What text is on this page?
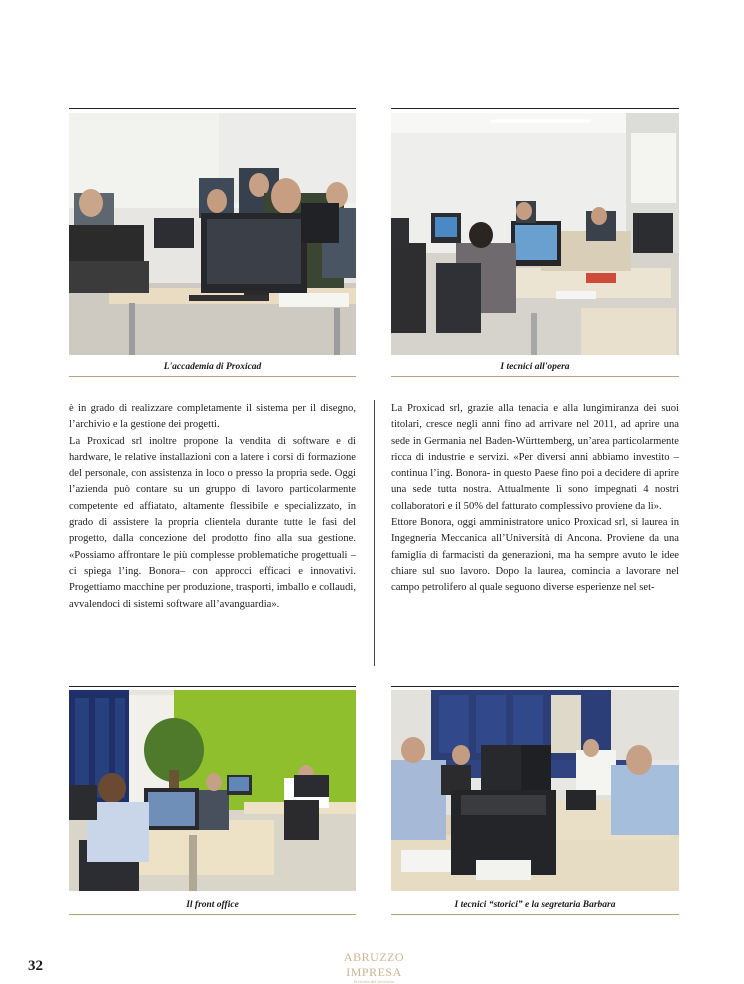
L'accademia di Proxicad	I tecnici all'opera

è in grado di realizzare completamente il sistema per il disegno, l’archivio e la gestione dei progetti.

La Proxicad srl inoltre propone la vendita di software e di hardware, le relative installazioni con a latere i corsi di formazione del personale, con assistenza in loco o presso la propria sede. Oggi l’azienda può contare su un gruppo di lavoro particolarmente competente ed affiatato, altamente flessibile e specializzato, in grado di assistere la propria clientela durante tutte le fasi del progetto, dalla concezione del prodotto fino alla sua gestione. «Possiamo affrontare le più complesse problematiche progettuali –ci spiega l’ing. Bonora– con approcci efficaci e innovativi. Progettiamo macchine per produzione, trasporti, imballo e collaudi, avvalendoci di sistemi software all’avanguardia».

La Proxicad srl, grazie alla tenacia e alla lungimiranza dei suoi titolari, cresce negli anni fino ad arrivare nel 2011, ad aprire una sede in Germania nel Baden-Württemberg, un’area particolarmente ricca di industrie e servizi. «Per diversi anni abbiamo investito –continua l’ing. Bonora- in questo Paese fino poi a decidere di aprire una sede tutta nostra. Attualmente lì sono impegnati 4 nostri collaboratori e il 50% del fatturato complessivo proviene da lì».

Ettore Bonora, oggi amministratore unico Proxicad srl, si laurea in Ingegneria Meccanica all’Università di Ancona. Proviene da una famiglia di farmacisti da generazioni, ma ha sempre avuto le idee chiare sul suo lavoro. Dopo la laurea, comincia a lavorare nel campo petrolifero al quale seguono diverse esperienze nel set-

Il front office	I tecnici “storici” e la segretaria Barbara
32
ABRUZZO IMPRESA
la rivista del territorio
